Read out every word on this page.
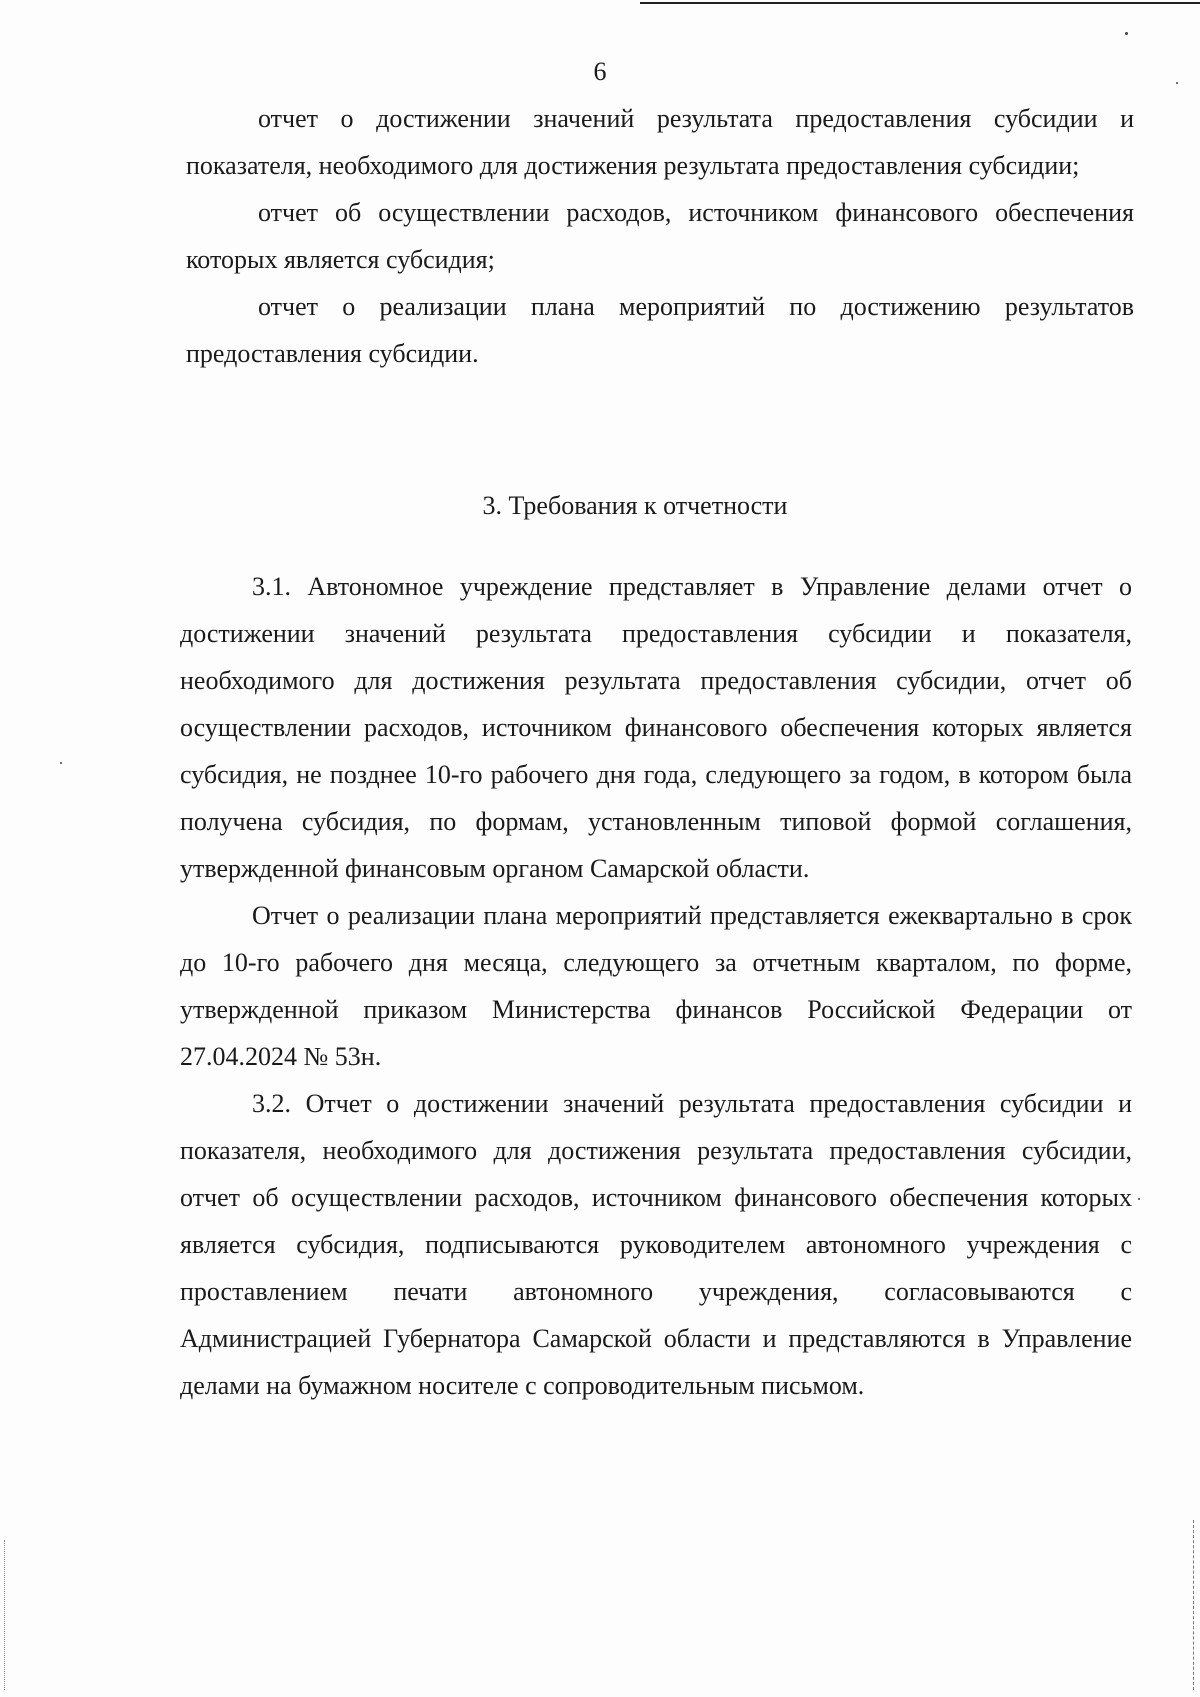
6

отчет о достижении значений результата предоставления субсидии и показателя, необходимого для достижения результата предоставления субсидии;

отчет об осуществлении расходов, источником финансового обеспечения которых является субсидия;

отчет о реализации плана мероприятий по достижению результатов предоставления субсидии.

3. Требования к отчетности

3.1. Автономное учреждение представляет в Управление делами отчет о достижении значений результата предоставления субсидии и показателя, необходимого для достижения результата предоставления субсидии, отчет об осуществлении расходов, источником финансового обеспечения которых является субсидия, не позднее 10-го рабочего дня года, следующего за годом, в котором была получена субсидия, по формам, установленным типовой формой соглашения, утвержденной финансовым органом Самарской области.

Отчет о реализации плана мероприятий представляется ежеквартально в срок до 10-го рабочего дня месяца, следующего за отчетным кварталом, по форме, утвержденной приказом Министерства финансов Российской Федерации от 27.04.2024 № 53н.

3.2. Отчет о достижении значений результата предоставления субсидии и показателя, необходимого для достижения результата предоставления субсидии, отчет об осуществлении расходов, источником финансового обеспечения которых является субсидия, подписываются руководителем автономного учреждения с проставлением печати автономного учреждения, согласовываются с Администрацией Губернатора Самарской области и представляются в Управление делами на бумажном носителе с сопроводительным письмом.
